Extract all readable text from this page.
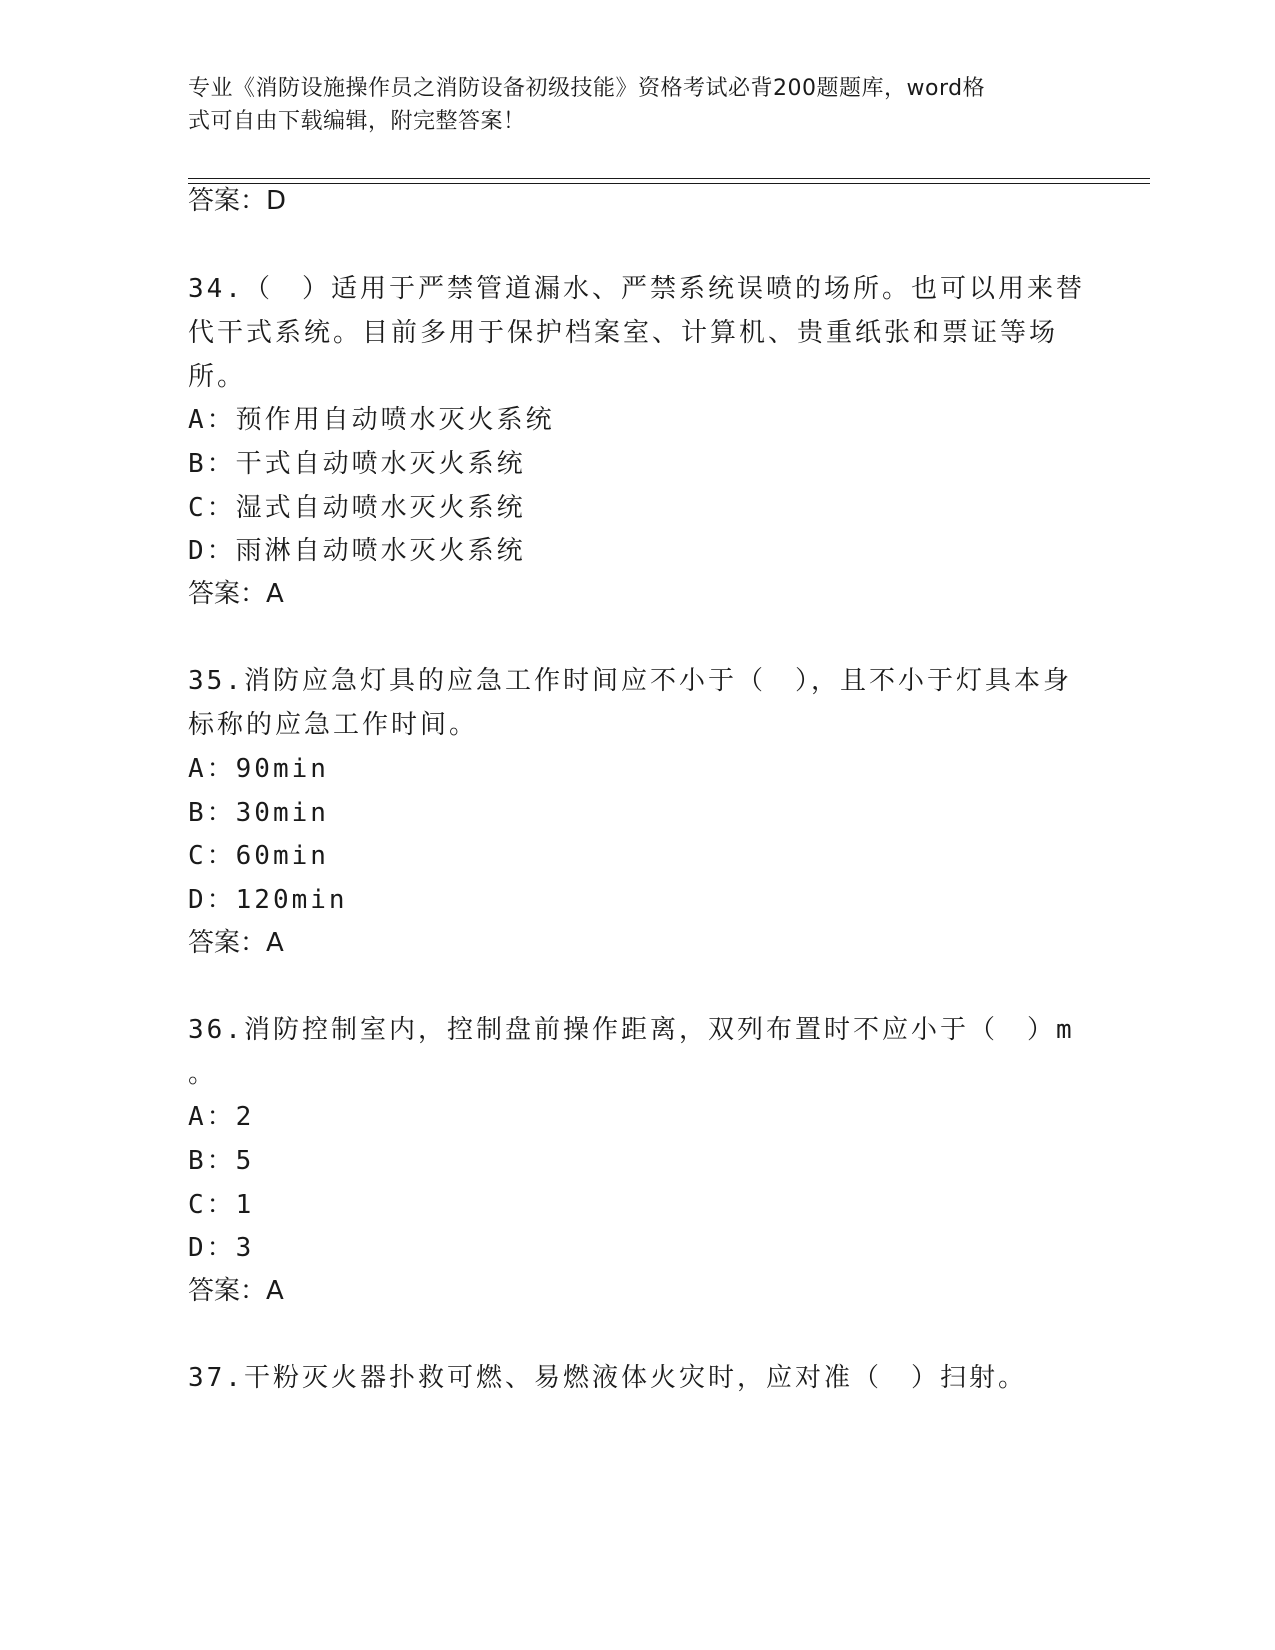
专业《消防设施操作员之消防设备初级技能》资格考试必背200题题库，word格
式可自由下载编辑，附完整答案！
答案：D
34.（　）适用于严禁管道漏水、严禁系统误喷的场所。也可以用来替
代干式系统。目前多用于保护档案室、计算机、贵重纸张和票证等场
所。
A：预作用自动喷水灭火系统
B：干式自动喷水灭火系统
C：湿式自动喷水灭火系统
D：雨淋自动喷水灭火系统
答案：A
35.消防应急灯具的应急工作时间应不小于（　），且不小于灯具本身
标称的应急工作时间。
A：90min
B：30min
C：60min
D：120min
答案：A
36.消防控制室内，控制盘前操作距离，双列布置时不应小于（　）m
。
A：2
B：5
C：1
D：3
答案：A
37.干粉灭火器扑救可燃、易燃液体火灾时，应对准（　）扫射。
